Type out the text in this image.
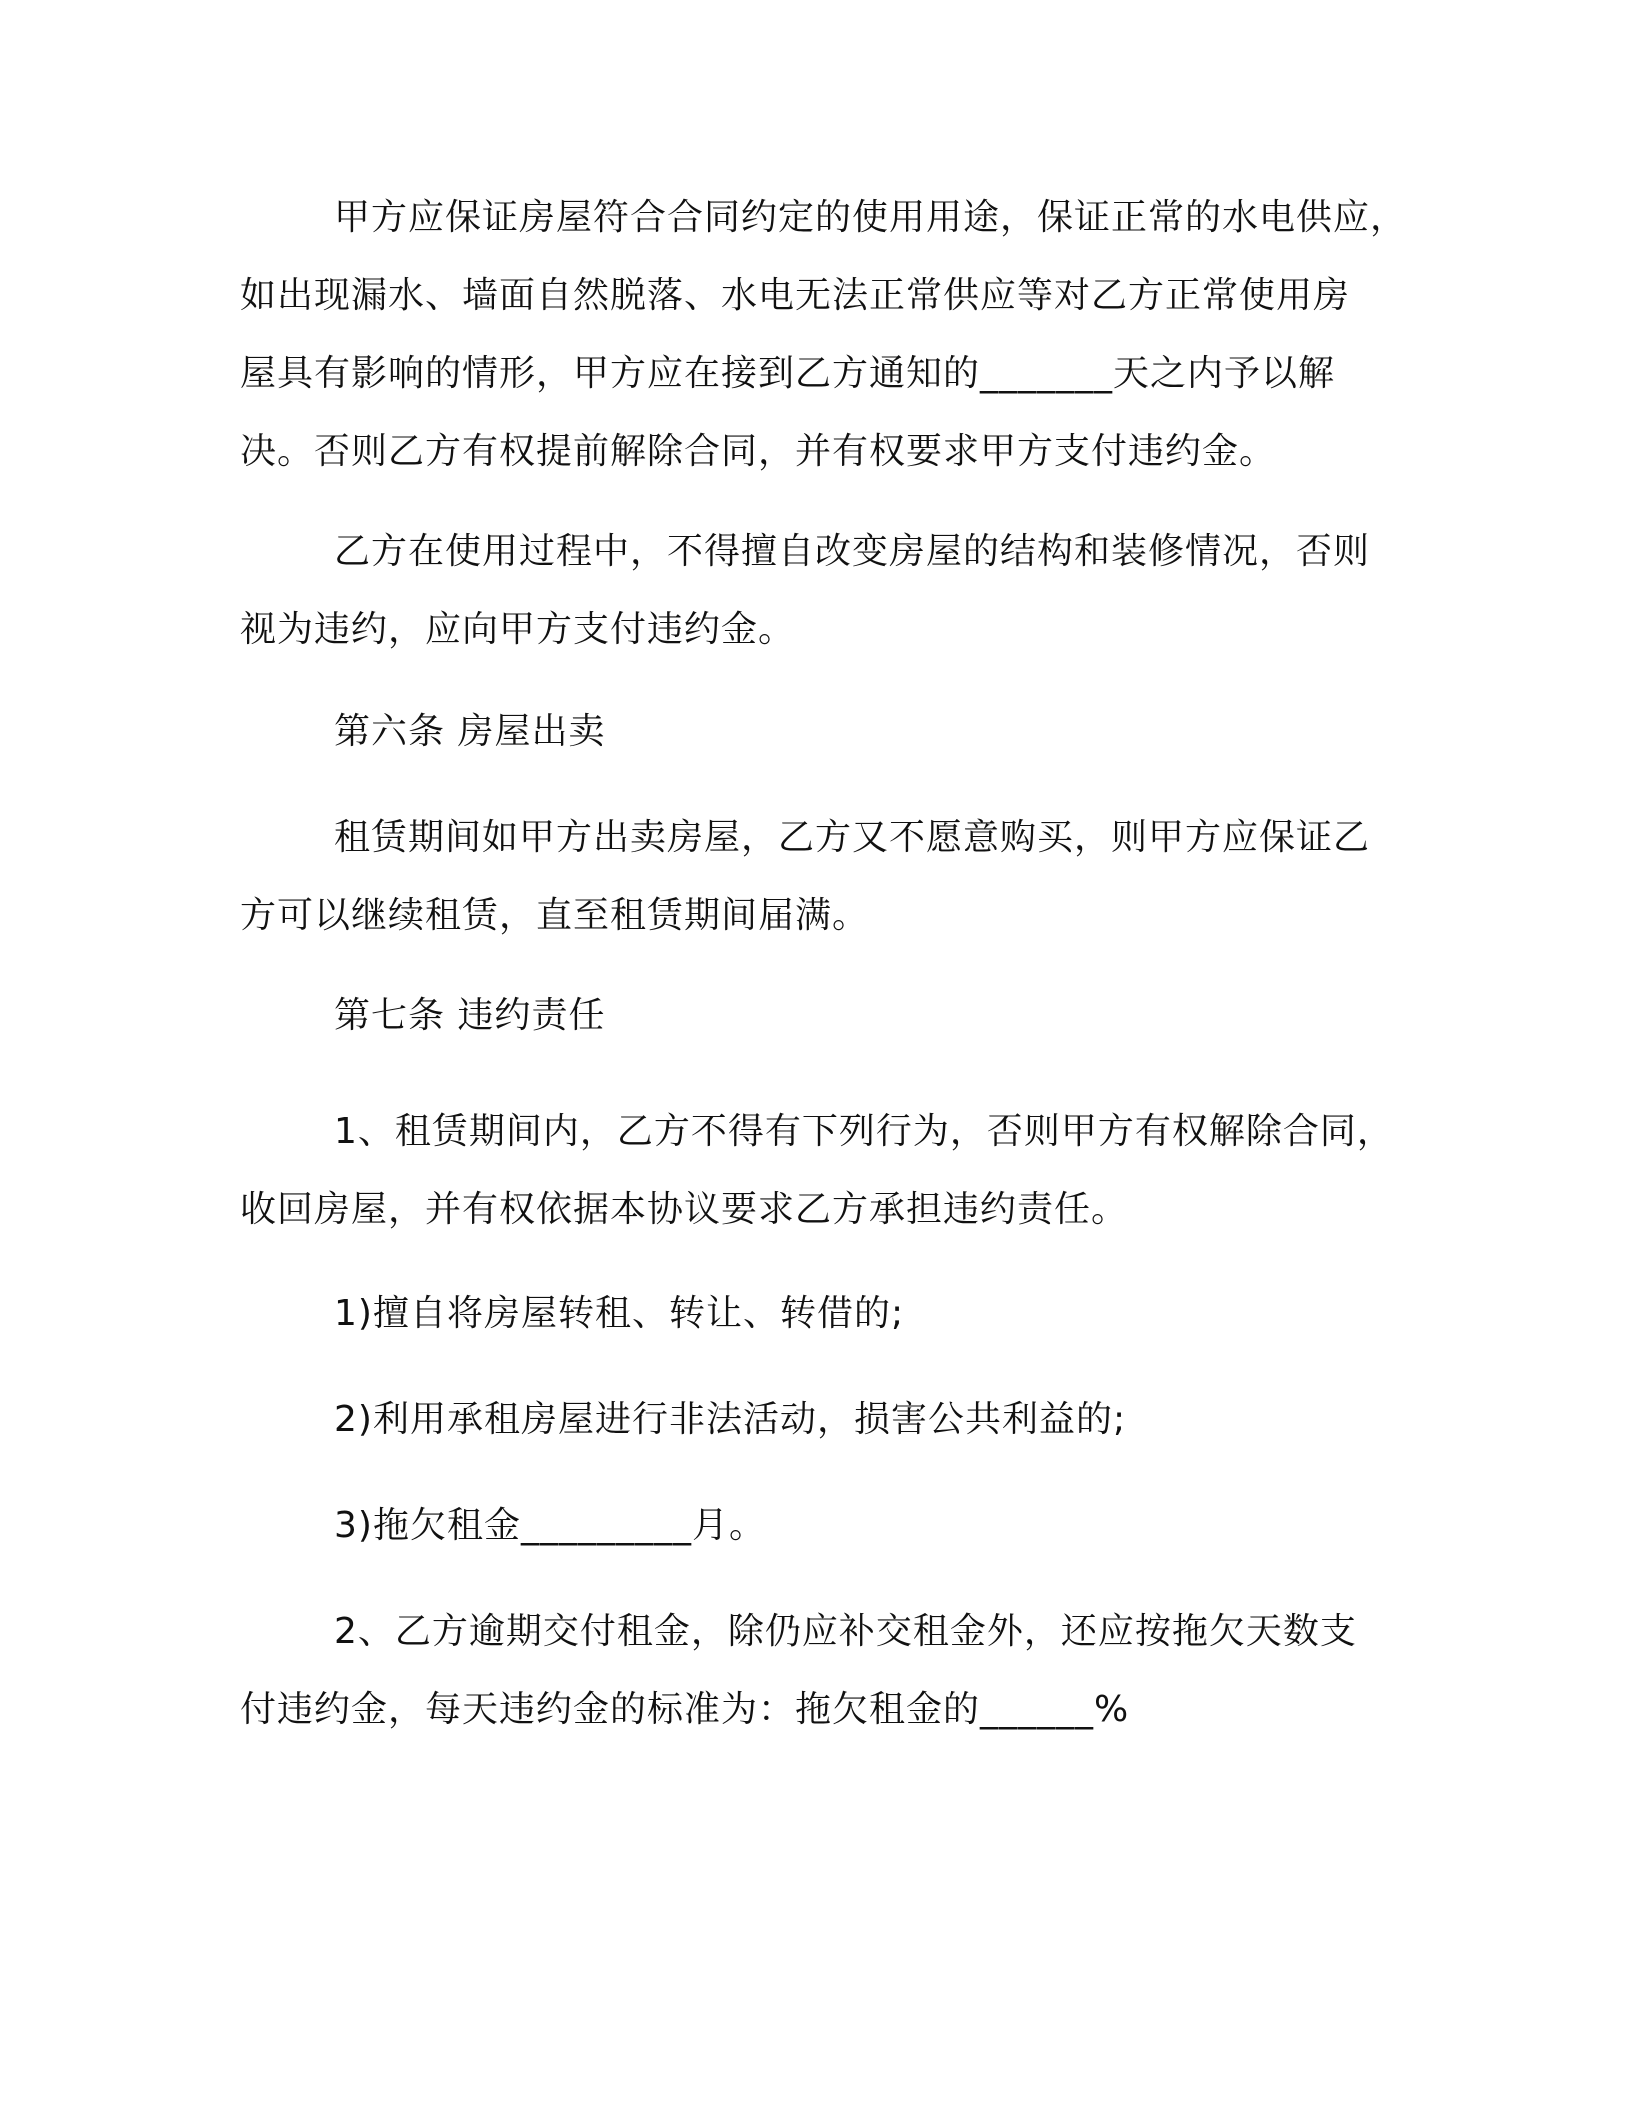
甲方应保证房屋符合合同约定的使用用途，保证正常的水电供应，
如出现漏水、墙面自然脱落、水电无法正常供应等对乙方正常使用房
屋具有影响的情形，甲方应在接到乙方通知的_______天之内予以解
决。否则乙方有权提前解除合同，并有权要求甲方支付违约金。
乙方在使用过程中，不得擅自改变房屋的结构和装修情况，否则
视为违约，应向甲方支付违约金。
第六条 房屋出卖
租赁期间如甲方出卖房屋，乙方又不愿意购买，则甲方应保证乙
方可以继续租赁，直至租赁期间届满。
第七条 违约责任
1、租赁期间内，乙方不得有下列行为，否则甲方有权解除合同，
收回房屋，并有权依据本协议要求乙方承担违约责任。
1)擅自将房屋转租、转让、转借的;
2)利用承租房屋进行非法活动，损害公共利益的;
3)拖欠租金_________月。
2、乙方逾期交付租金，除仍应补交租金外，还应按拖欠天数支
付违约金，每天违约金的标准为：拖欠租金的______%
